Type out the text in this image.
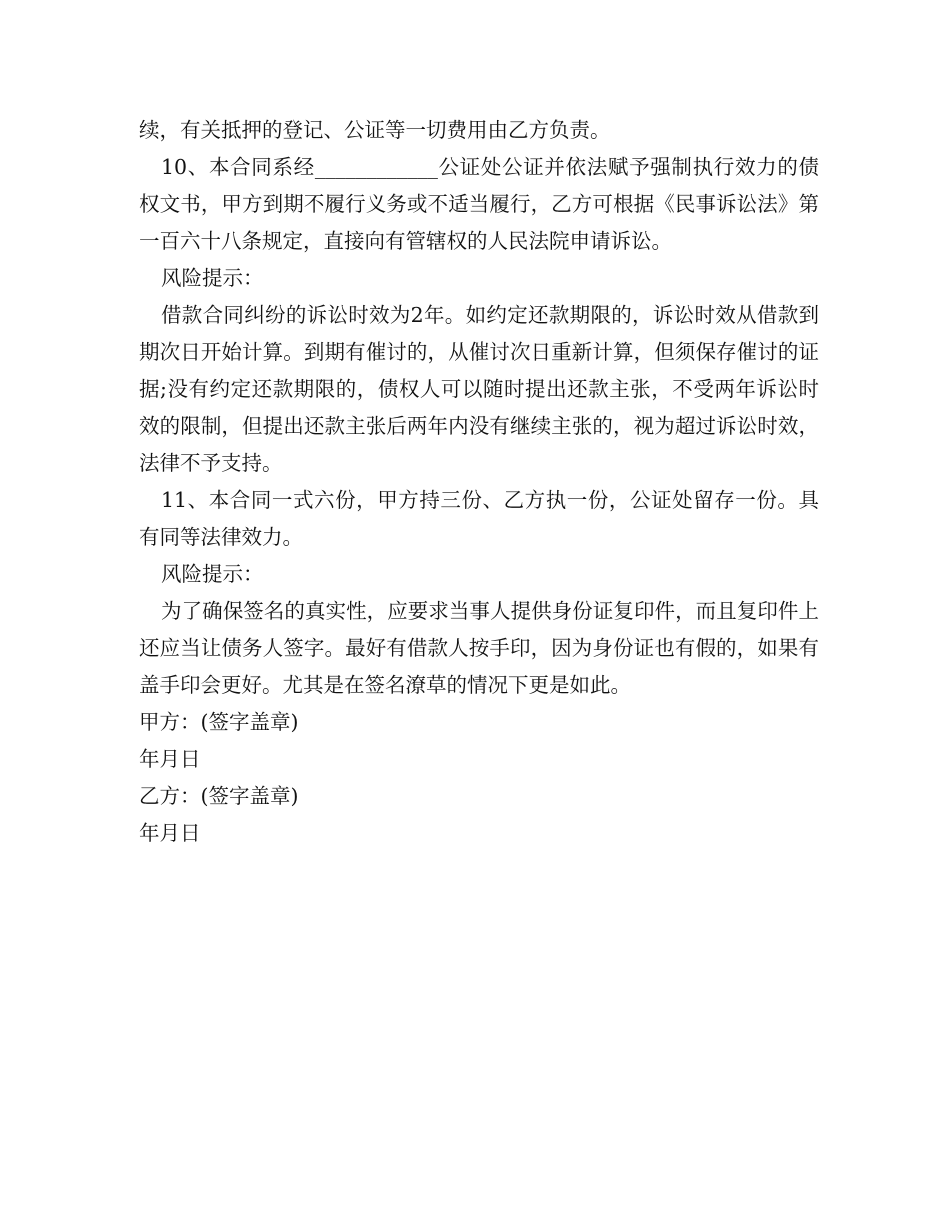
续，有关抵押的登记、公证等一切费用由乙方负责。

10、本合同系经____________公证处公证并依法赋予强制执行效力的债权文书，甲方到期不履行义务或不适当履行，乙方可根据《民事诉讼法》第一百六十八条规定，直接向有管辖权的人民法院申请诉讼。

风险提示：

借款合同纠纷的诉讼时效为2年。如约定还款期限的，诉讼时效从借款到期次日开始计算。到期有催讨的，从催讨次日重新计算，但须保存催讨的证据;没有约定还款期限的，债权人可以随时提出还款主张，不受两年诉讼时效的限制，但提出还款主张后两年内没有继续主张的，视为超过诉讼时效，法律不予支持。

11、本合同一式六份，甲方持三份、乙方执一份，公证处留存一份。具有同等法律效力。

风险提示：

为了确保签名的真实性，应要求当事人提供身份证复印件，而且复印件上还应当让债务人签字。最好有借款人按手印，因为身份证也有假的，如果有盖手印会更好。尤其是在签名潦草的情况下更是如此。

甲方：(签字盖章)

年月日

乙方：(签字盖章)

年月日
